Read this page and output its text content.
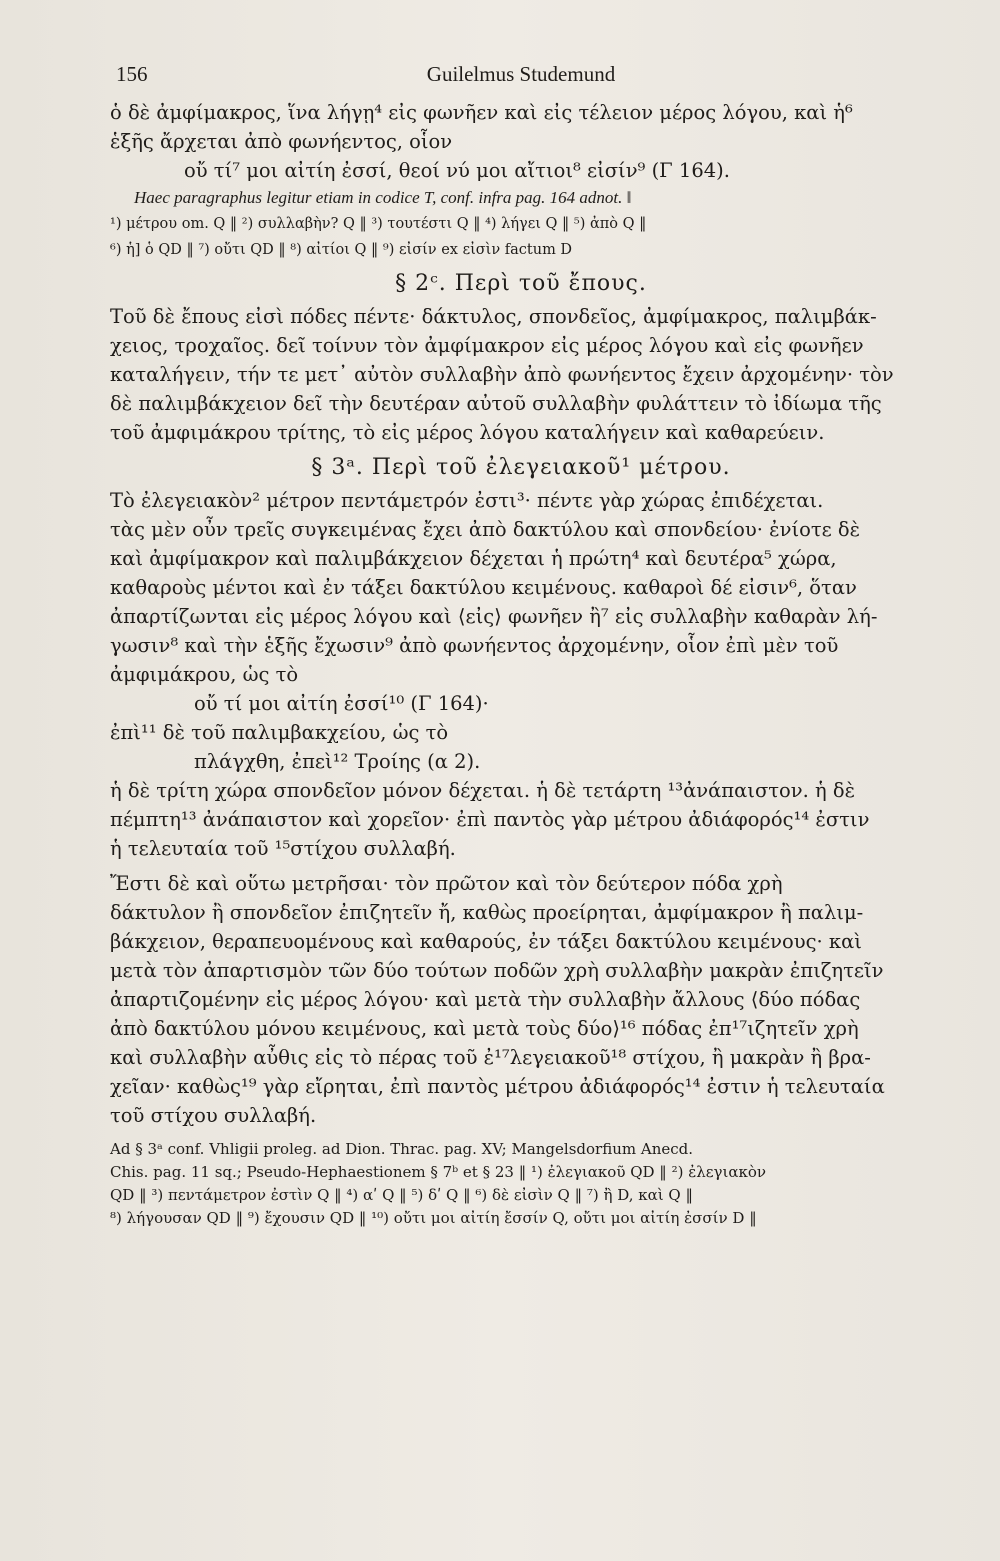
156	Guilelmus Studemund
ὁ δὲ ἀμφίμακρος, ἵνα λήγῃ⁴ εἰς φωνῆεν καὶ εἰς τέλειον μέρος λόγου, καὶ ἡ⁶
ἑξῆς ἄρχεται ἀπὸ φωνήεντος, οἷον
οὔ τί⁷ μοι αἰτίη ἐσσί, θεοί νύ μοι αἴτιοι⁸ εἰσίν⁹ (Γ 164).
Haec paragraphus legitur etiam in codice T, conf. infra pag. 164 adnot. ‖
¹) μέτρου om. Q ‖ ²) συλλαβὴν? Q ‖ ³) τουτέστι Q ‖ ⁴) λήγει Q ‖ ⁵) ἀπὸ Q ‖
⁶) ἡ] ὁ QD ‖ ⁷) οὔτι QD ‖ ⁸) αἰτίοι Q ‖ ⁹) εἰσίν ex εἰσὶν factum D
§ 2ᶜ. Περὶ τοῦ ἔπους.
Τοῦ δὲ ἔπους εἰσὶ πόδες πέντε· δάκτυλος, σπονδεῖος, ἀμφίμακρος, παλιμβάκ-
χειος, τροχαῖος. δεῖ τοίνυν τὸν ἀμφίμακρον εἰς μέρος λόγου καὶ εἰς φωνῆεν
καταλήγειν, τήν τε μετ᾽ αὐτὸν συλλαβὴν ἀπὸ φωνήεντος ἔχειν ἀρχομένην· τὸν
δὲ παλιμβάκχειον δεῖ τὴν δευτέραν αὐτοῦ συλλαβὴν φυλάττειν τὸ ἰδίωμα τῆς
τοῦ ἀμφιμάκρου τρίτης, τὸ εἰς μέρος λόγου καταλήγειν καὶ καθαρεύειν.
§ 3ᵃ. Περὶ τοῦ ἐλεγειακοῦ¹ μέτρου.
Τὸ ἐλεγειακὸν² μέτρον πεντάμετρόν ἐστι³· πέντε γὰρ χώρας ἐπιδέχεται.
τὰς μὲν οὖν τρεῖς συγκειμένας ἔχει ἀπὸ δακτύλου καὶ σπονδείου· ἐνίοτε δὲ
καὶ ἀμφίμακρον καὶ παλιμβάκχειον δέχεται ἡ πρώτη⁴ καὶ δευτέρα⁵ χώρα,
καθαροὺς μέντοι καὶ ἐν τάξει δακτύλου κειμένους. καθαροὶ δέ εἰσιν⁶, ὅταν
ἀπαρτίζωνται εἰς μέρος λόγου καὶ ⟨εἰς⟩ φωνῆεν ἢ⁷ εἰς συλλαβὴν καθαρὰν λή-
γωσιν⁸ καὶ τὴν ἑξῆς ἔχωσιν⁹ ἀπὸ φωνήεντος ἀρχομένην, οἷον ἐπὶ μὲν τοῦ
ἀμφιμάκρου, ὡς τὸ
οὔ τί μοι αἰτίη ἐσσί¹⁰ (Γ 164)·
ἐπὶ¹¹ δὲ τοῦ παλιμβακχείου, ὡς τὸ
πλάγχθη, ἐπεὶ¹² Τροίης (α 2).
ἡ δὲ τρίτη χώρα σπονδεῖον μόνον δέχεται. ἡ δὲ τετάρτη ¹³ἀνάπαιστον. ἡ δὲ
πέμπτη¹³ ἀνάπαιστον καὶ χορεῖον· ἐπὶ παντὸς γὰρ μέτρου ἀδιάφορός¹⁴ ἐστιν
ἡ τελευταία τοῦ ¹⁵στίχου συλλαβή.
Ἔστι δὲ καὶ οὕτω μετρῆσαι· τὸν πρῶτον καὶ τὸν δεύτερον πόδα χρὴ
δάκτυλον ἢ σπονδεῖον ἐπιζητεῖν ἤ, καθὼς προείρηται, ἀμφίμακρον ἢ παλιμ-
βάκχειον, θεραπευομένους καὶ καθαρούς, ἐν τάξει δακτύλου κειμένους· καὶ
μετὰ τὸν ἀπαρτισμὸν τῶν δύο τούτων ποδῶν χρὴ συλλαβὴν μακρὰν ἐπιζητεῖν
ἀπαρτιζομένην εἰς μέρος λόγου· καὶ μετὰ τὴν συλλαβὴν ἄλλους ⟨δύο πόδας
ἀπὸ δακτύλου μόνου κειμένους, καὶ μετὰ τοὺς δύο⟩¹⁶ πόδας ἐπ¹⁷ιζητεῖν χρὴ
καὶ συλλαβὴν αὖθις εἰς τὸ πέρας τοῦ ἐ¹⁷λεγειακοῦ¹⁸ στίχου, ἢ μακρὰν ἢ βρα-
χεῖαν· καθὼς¹⁹ γὰρ εἴρηται, ἐπὶ παντὸς μέτρου ἀδιάφορός¹⁴ ἐστιν ἡ τελευταία
τοῦ στίχου συλλαβή.
Ad § 3ᵃ conf. Vhligii proleg. ad Dion. Thrac. pag. XV; Mangelsdorfium Anecd.
Chis. pag. 11 sq.; Pseudo-Hephaestionem § 7ᵇ et § 23 ‖ ¹) ἐλεγιακοῦ QD ‖ ²) ἐλεγιακὸν
QD ‖ ³) πεντάμετρον ἐστὶν Q ‖ ⁴) αʹ Q ‖ ⁵) δʹ Q ‖ ⁶) δὲ εἰσὶν Q ‖ ⁷) ἢ D, καὶ Q ‖
⁸) λήγουσαν QD ‖ ⁹) ἔχουσιν QD ‖ ¹⁰) οὔτι μοι αἰτίη ἔσσίν Q, οὔτι μοι αἰτίη ἐσσίν D ‖
